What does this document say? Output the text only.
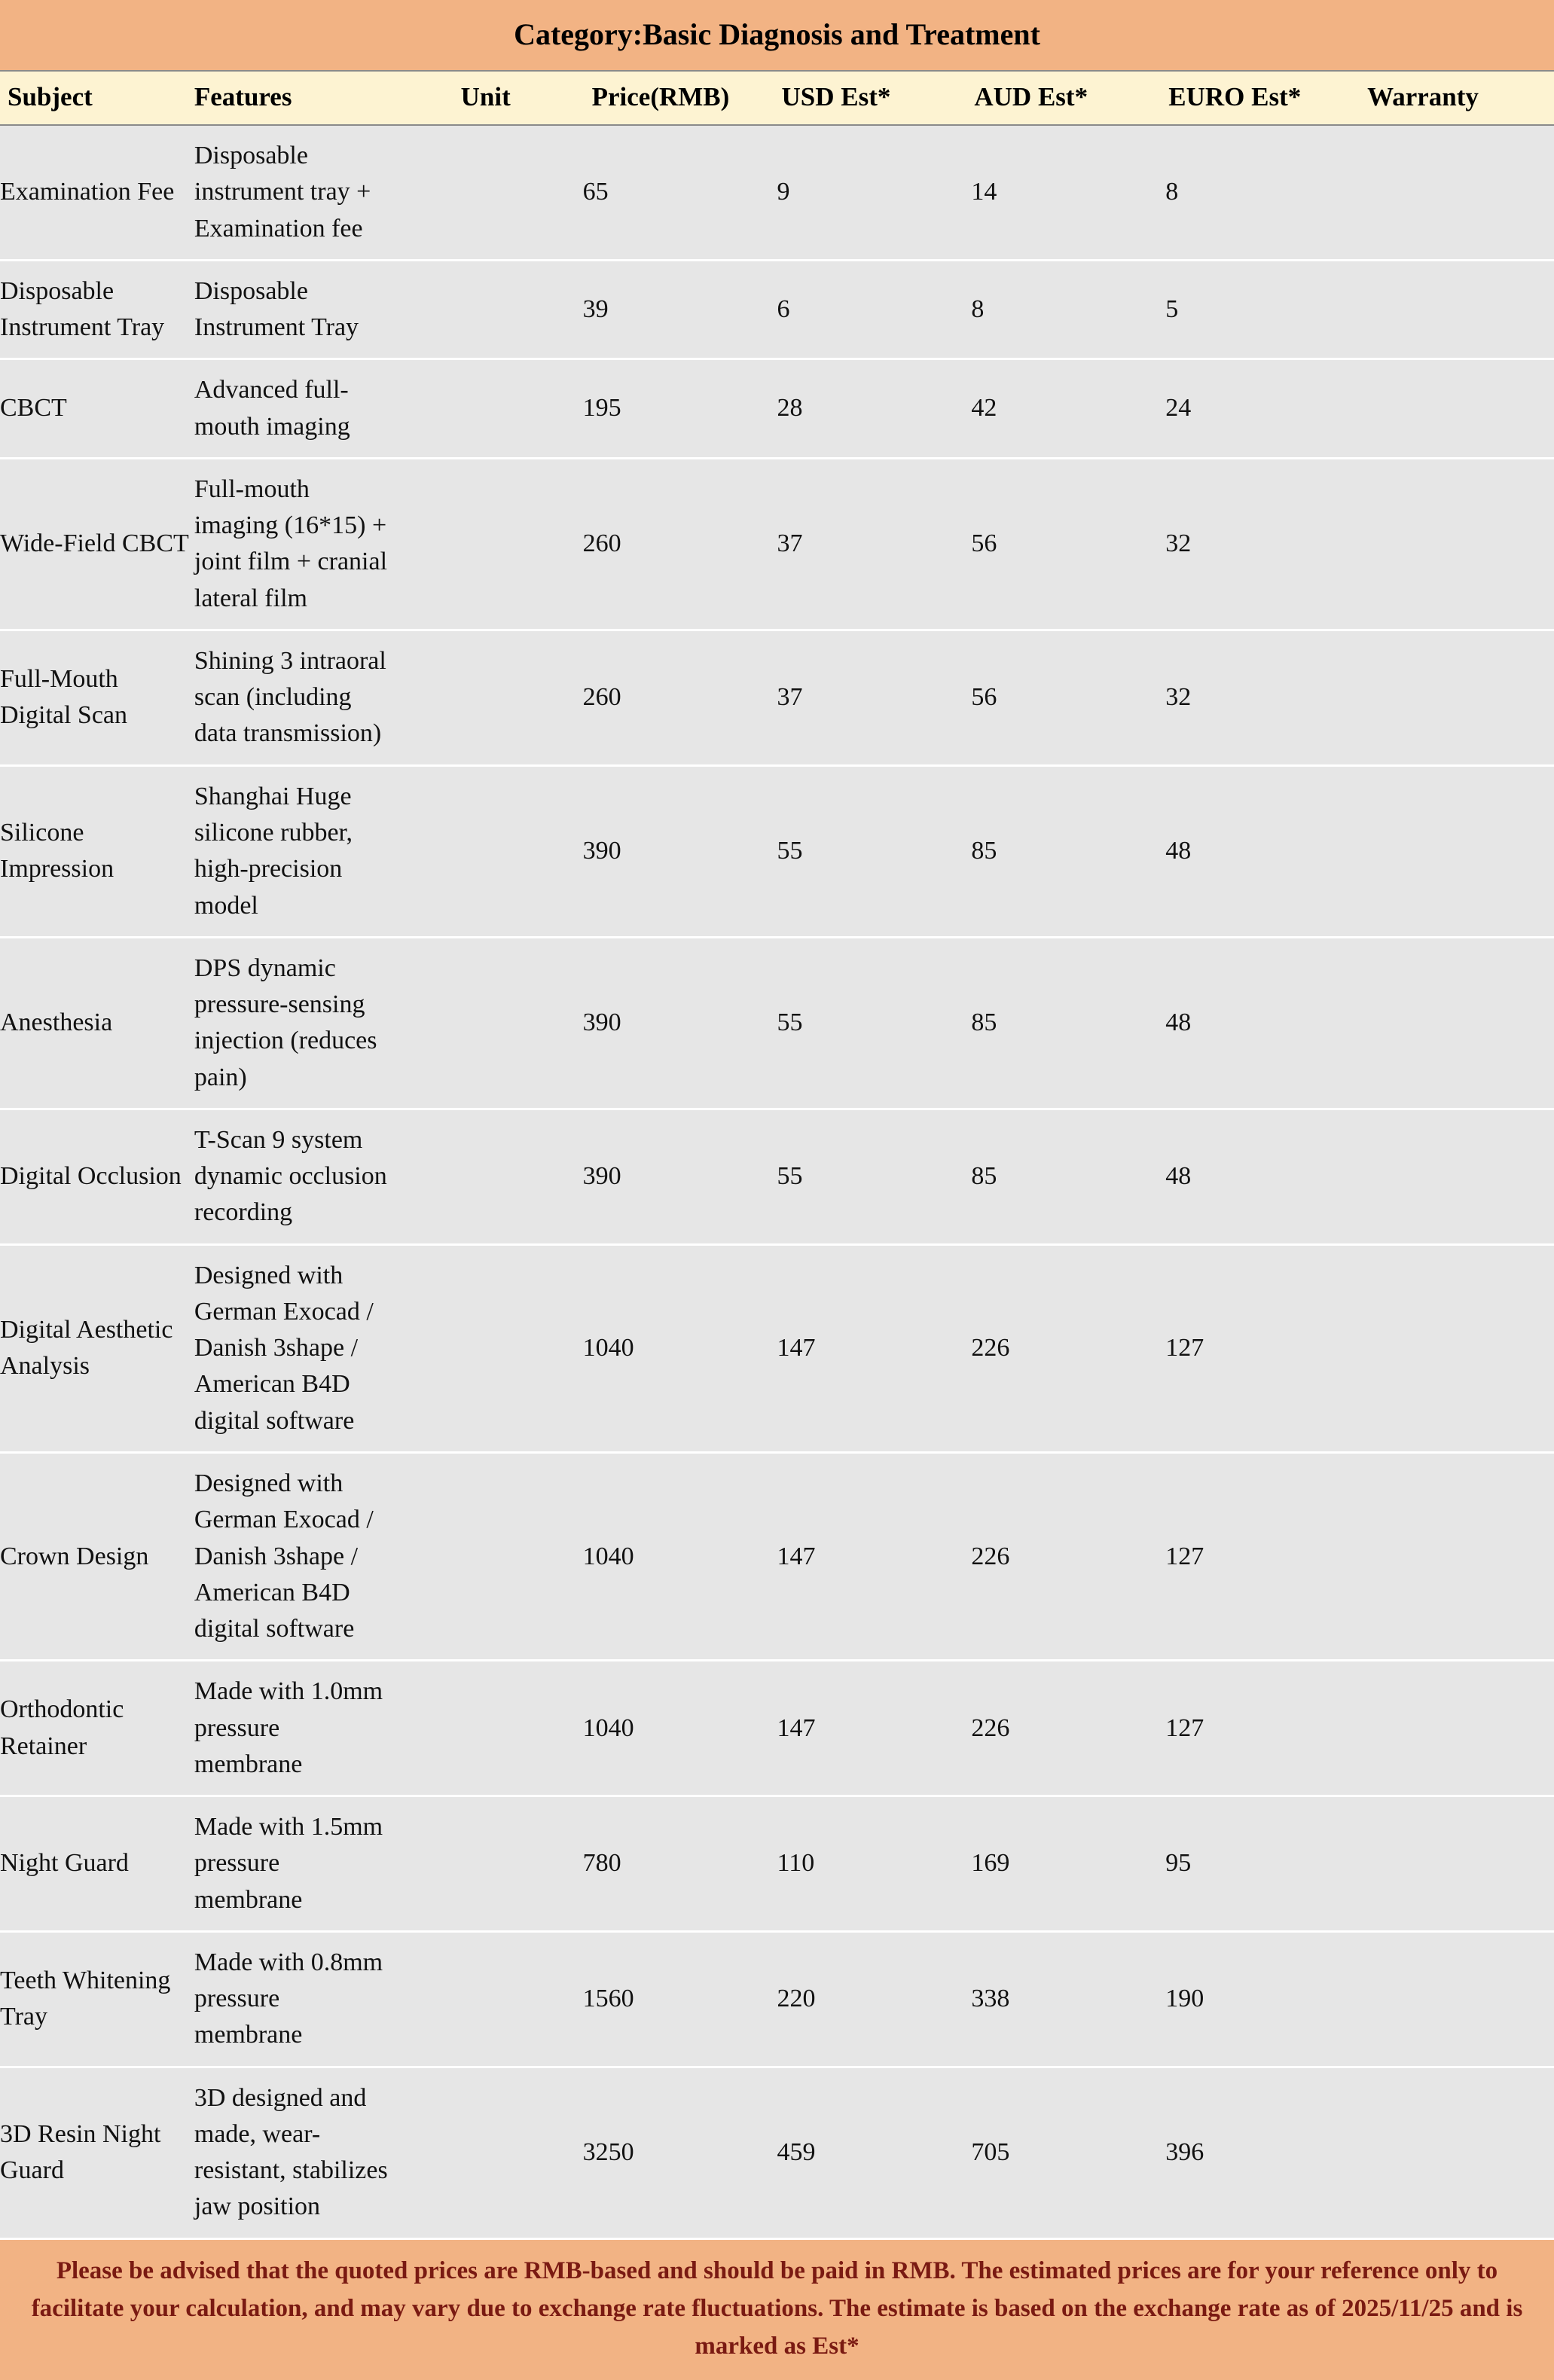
Category:Basic Diagnosis and Treatment							
Subject	Features	Unit	Price(RMB)	USD Est*	AUD Est*	EURO Est*	Warranty
Examination Fee	Disposable instrument tray + Examination fee		65	9	14	8	
Disposable Instrument Tray	Disposable Instrument Tray		39	6	8	5	
CBCT	Advanced full-mouth imaging		195	28	42	24	
Wide-Field CBCT	Full-mouth imaging (16*15) + joint film + cranial lateral film		260	37	56	32	
Full-Mouth Digital Scan	Shining 3 intraoral scan (including data transmission)		260	37	56	32	
Silicone Impression	Shanghai Huge silicone rubber, high-precision model		390	55	85	48	
Anesthesia	DPS dynamic pressure-sensing injection (reduces pain)		390	55	85	48	
Digital Occlusion	T-Scan 9 system dynamic occlusion recording		390	55	85	48	
Digital Aesthetic Analysis	Designed with German Exocad / Danish 3shape / American B4D digital software		1040	147	226	127	
Crown Design	Designed with German Exocad / Danish 3shape / American B4D digital software		1040	147	226	127	
Orthodontic Retainer	Made with 1.0mm pressure membrane		1040	147	226	127	
Night Guard	Made with 1.5mm pressure membrane		780	110	169	95	
Teeth Whitening Tray	Made with 0.8mm pressure membrane		1560	220	338	190	
3D Resin Night Guard	3D designed and made, wear-resistant, stabilizes jaw position		3250	459	705	396	
Please be advised that the quoted prices are RMB-based and should be paid in RMB. The estimated prices are for your reference only to facilitate your calculation, and may vary due to exchange rate fluctuations. The estimate is based on the exchange rate as of 2025/11/25 and is marked as Est*							
